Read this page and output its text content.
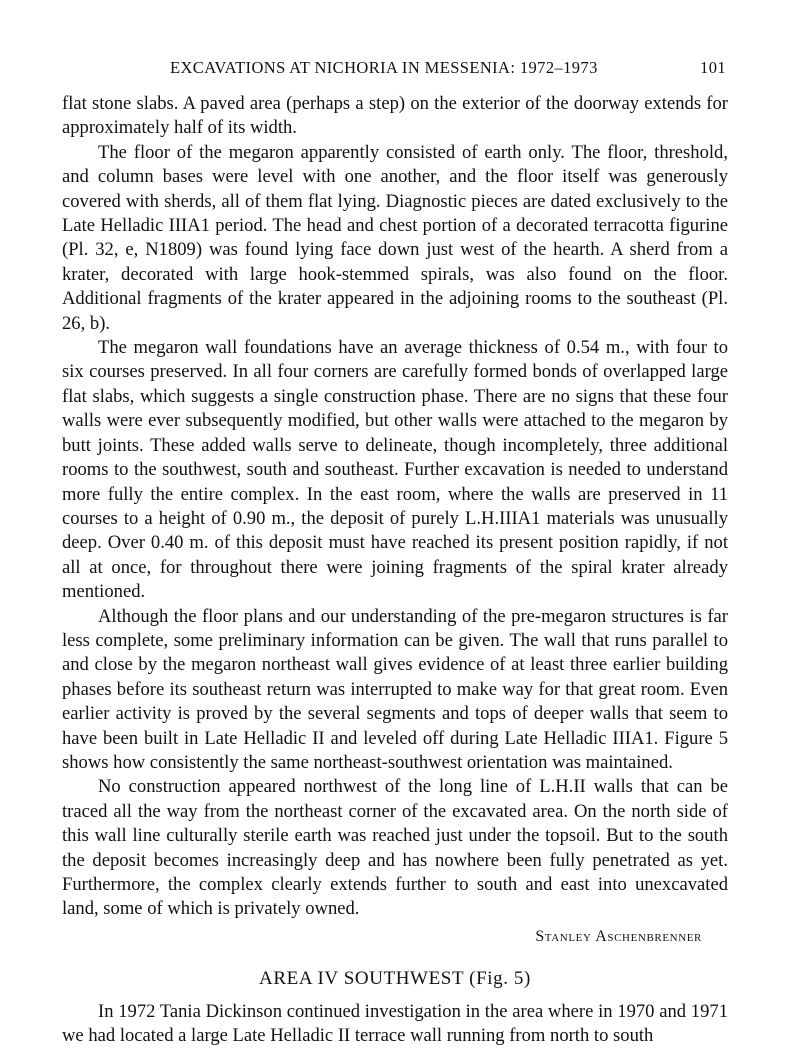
EXCAVATIONS AT NICHORIA IN MESSENIA: 1972–1973	101

flat stone slabs. A paved area (perhaps a step) on the exterior of the doorway extends for approximately half of its width.

The floor of the megaron apparently consisted of earth only. The floor, threshold, and column bases were level with one another, and the floor itself was generously covered with sherds, all of them flat lying. Diagnostic pieces are dated exclusively to the Late Helladic IIIA1 period. The head and chest portion of a decorated terracotta figurine (Pl. 32, e, N1809) was found lying face down just west of the hearth. A sherd from a krater, decorated with large hook-stemmed spirals, was also found on the floor. Additional fragments of the krater appeared in the adjoining rooms to the southeast (Pl. 26, b).

The megaron wall foundations have an average thickness of 0.54 m., with four to six courses preserved. In all four corners are carefully formed bonds of overlapped large flat slabs, which suggests a single construction phase. There are no signs that these four walls were ever subsequently modified, but other walls were attached to the megaron by butt joints. These added walls serve to delineate, though incompletely, three additional rooms to the southwest, south and southeast. Further excavation is needed to understand more fully the entire complex. In the east room, where the walls are preserved in 11 courses to a height of 0.90 m., the deposit of purely L.H.IIIA1 materials was unusually deep. Over 0.40 m. of this deposit must have reached its present position rapidly, if not all at once, for throughout there were joining fragments of the spiral krater already mentioned.

Although the floor plans and our understanding of the pre-megaron structures is far less complete, some preliminary information can be given. The wall that runs parallel to and close by the megaron northeast wall gives evidence of at least three earlier building phases before its southeast return was interrupted to make way for that great room. Even earlier activity is proved by the several segments and tops of deeper walls that seem to have been built in Late Helladic II and leveled off during Late Helladic IIIA1. Figure 5 shows how consistently the same northeast-southwest orientation was maintained.

No construction appeared northwest of the long line of L.H.II walls that can be traced all the way from the northeast corner of the excavated area. On the north side of this wall line culturally sterile earth was reached just under the topsoil. But to the south the deposit becomes increasingly deep and has nowhere been fully penetrated as yet. Furthermore, the complex clearly extends further to south and east into unexcavated land, some of which is privately owned.

Stanley Aschenbrenner
AREA IV SOUTHWEST (Fig. 5)

In 1972 Tania Dickinson continued investigation in the area where in 1970 and 1971 we had located a large Late Helladic II terrace wall running from north to south
